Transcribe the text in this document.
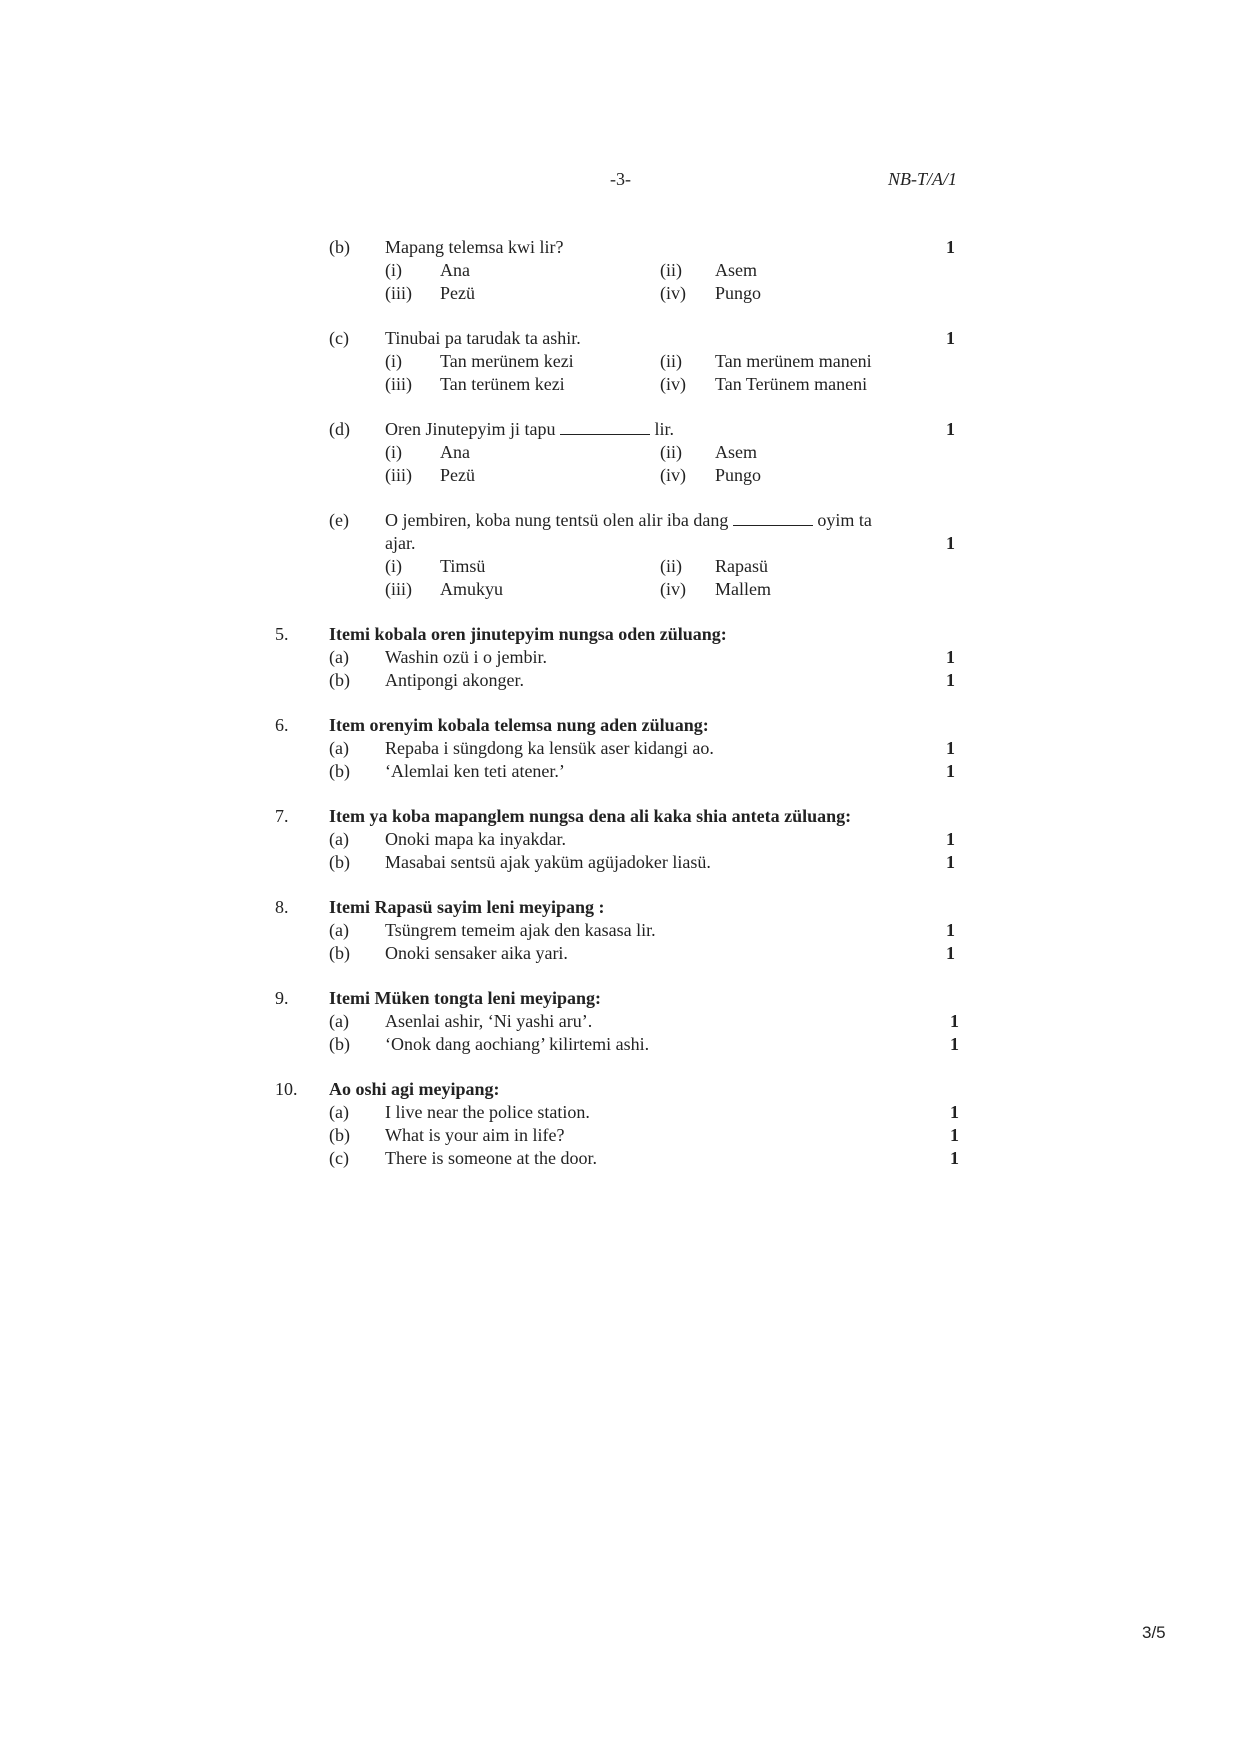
-3-	NB-T/A/1
(b) Mapang telemsa kwi lir?	1
(i) Ana	(ii) Asem
(iii) Pezü	(iv) Pungo
(c) Tinubai pa tarudak ta ashir.	1
(i) Tan merünem kezi	(ii) Tan merünem maneni
(iii) Tan terünem kezi	(iv) Tan Terünem maneni
(d) Oren Jinutepyim ji tapu	lir.	1
(i) Ana	(ii) Asem
(iii) Pezü	(iv) Pungo
(e) O jembiren, koba nung tentsü olen alir iba dang	oyim ta
ajar.	1
(i) Timsü	(ii) Rapasü
(iii) Amukyu	(iv) Mallem
5. Itemi kobala oren jinutepyim nungsa oden züluang:
(a) Washin ozü i o jembir.	1
(b) Antipongi akonger.	1
6. Item orenyim kobala telemsa nung aden züluang:
(a) Repaba i süngdong ka lensük aser kidangi ao.	1
(b) ‘Alemlai ken teti atener.’	1
7. Item ya koba mapanglem nungsa dena ali kaka shia anteta züluang:
(a) Onoki mapa ka inyakdar.	1
(b) Masabai sentsü ajak yaküm agüjadoker liasü.	1
8. Itemi Rapasü sayim leni meyipang :
(a) Tsüngrem temeim ajak den kasasa lir.	1
(b) Onoki sensaker aika yari.	1
9. Itemi Müken tongta leni meyipang:
(a) Asenlai ashir, ‘Ni yashi aru’.	1
(b) ‘Onok dang aochiang’ kilirtemi ashi.	1
10. Ao oshi agi meyipang:
(a) I live near the police station.	1
(b) What is your aim in life?	1
(c) There is someone at the door.	1
3/5
